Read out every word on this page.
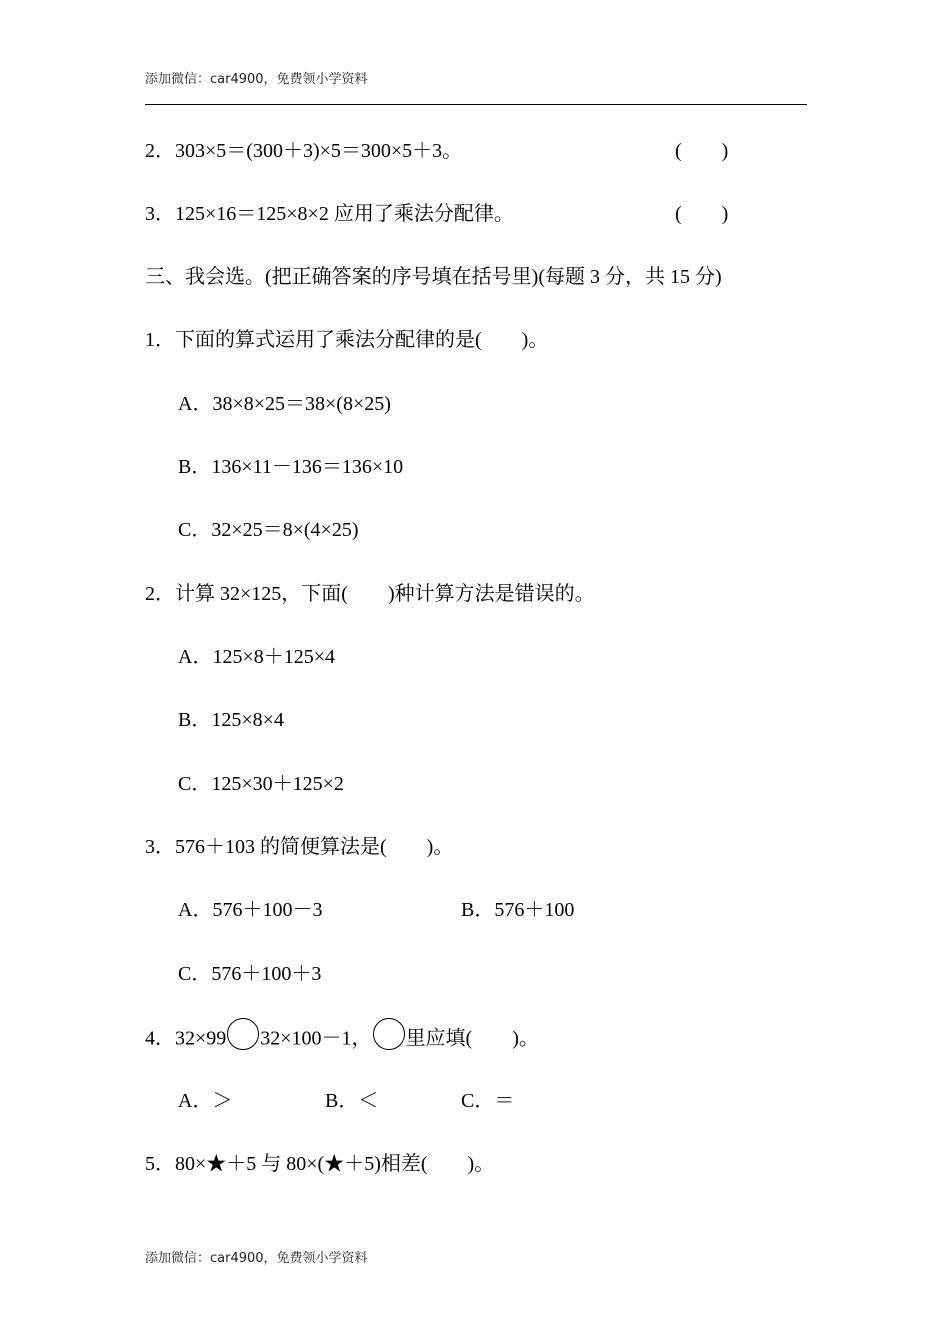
添加微信：car4900，免费领小学资料
2．303×5＝(300＋3)×5＝300×5＋3。	(　　)
3．125×16＝125×8×2 应用了乘法分配律。	(　　)
三、我会选。(把正确答案的序号填在括号里)(每题 3 分，共 15 分)
1．下面的算式运用了乘法分配律的是(　　)。
A．38×8×25＝38×(8×25)
B．136×11－136＝136×10
C．32×25＝8×(4×25)
2．计算 32×125，下面(　　)种计算方法是错误的。
A．125×8＋125×4
B．125×8×4
C．125×30＋125×2
3．576＋103 的简便算法是(　　)。
A．576＋100－3	B．576＋100
C．576＋100＋3
4．32×99 32×100－1， 里应填(　　)。
A．＞	B．＜	C．＝
5．80×★＋5 与 80×(★＋5)相差(　　)。
添加微信：car4900，免费领小学资料
